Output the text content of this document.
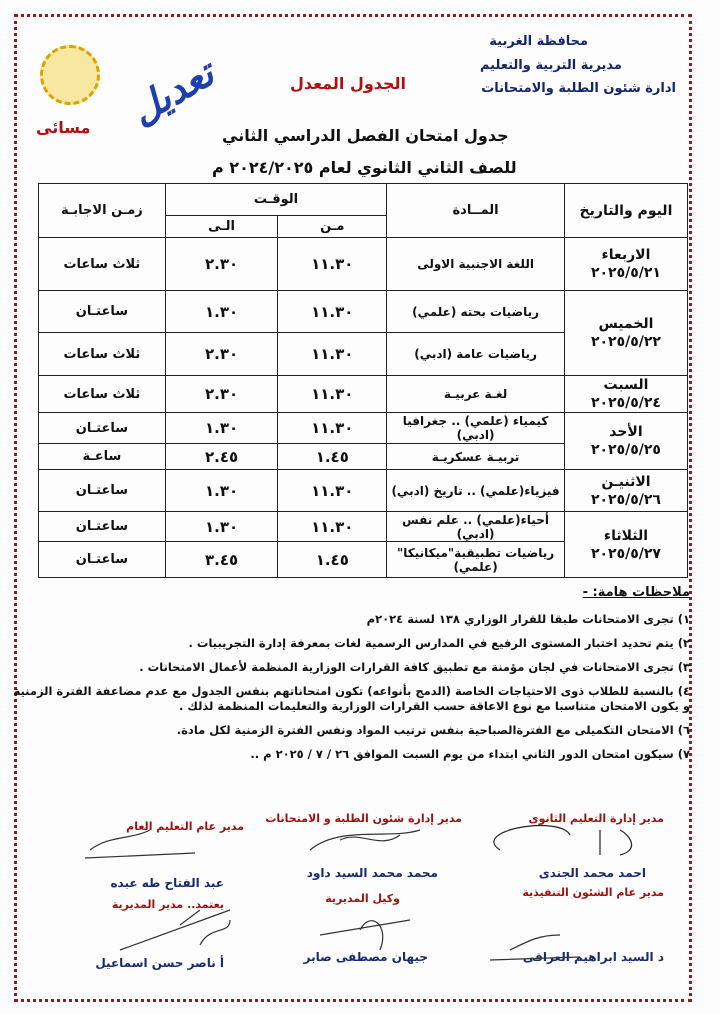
مسائى
محافظة الغربية
مديرية التربية والتعليم
ادارة شئون الطلبة والامتحانات
الجدول المعدل
تعديل
جدول امتحان الفصل الدراسي الثاني
للصف الثاني الثانوي لعام ٢٠٢٤/٢٠٢٥ م
اليوم والتاريخ	المــادة	الوقـت		زمـن الاجابـة
		مـن	الـى	

الاربعاء
٢٠٢٥/٥/٢١	اللغة الاجنبية الاولى	١١.٣٠	٢.٣٠	ثلاث ساعات

الخميس
٢٠٢٥/٥/٢٢	رياضيات بحته (علمي)	١١.٣٠	١.٣٠	ساعتـان
	رياضيات عامة (ادبي)	١١.٣٠	٢.٣٠	ثلاث ساعات

السبت
٢٠٢٥/٥/٢٤	لغـة عربيـة	١١.٣٠	٢.٣٠	ثلاث ساعات

الأحد
٢٠٢٥/٥/٢٥	كيمياء (علمي) .. جغرافيا (ادبي)	١١.٣٠	١.٣٠	ساعتـان
	تربيـة عسكريـة	١.٤٥	٢.٤٥	ساعـة

الاثنيـن
٢٠٢٥/٥/٢٦	فيزياء(علمي) .. تاريخ (ادبي)	١١.٣٠	١.٣٠	ساعتـان

الثلاثاء
٢٠٢٥/٥/٢٧	أحياء(علمي) .. علم نفس (ادبي)	١١.٣٠	١.٣٠	ساعتـان
	رياضيات تطبيقية"ميكانيكا"(علمي)	١.٤٥	٣.٤٥	ساعتـان
ملاحظات هامة: -
١) تجرى الامتحانات طبقا للقرار الوزاري ١٣٨ لسنة ٢٠٢٤م
٢) يتم تحديد اختبار المستوى الرفيع في المدارس الرسمية لغات بمعرفة إدارة التجريبيات .
٣) تجرى الامتحانات في لجان مؤمنة مع تطبيق كافة القرارات الوزارية المنظمة لأعمال الامتحانات .
٤) بالنسبة للطلاب ذوى الاحتياجات الخاصة (الدمج بأنواعه) تكون امتحاناتهم بنفس الجدول مع عدم مضاعفة الفترة الزمنية و يكون الامتحان متناسبا مع نوع الاعاقة حسب القرارات الوزارية والتعليمات المنظمة لذلك .
٦) الامتحان التكميلى مع الفترةالصباحية بنفس ترتيب المواد ونفس الفترة الزمنية لكل مادة.
٧) سيكون امتحان الدور الثاني ابتداء من يوم السبت الموافق ٢٦ / ٧ / ٢٠٢٥ م ..
مدير إدارة التعليم الثانوى
احمد محمد الجندى
مدير إدارة شئون الطلبة و الامتحانات
محمد محمد السيد داود
مدير عام التعليم العام
عبد الفتاح طه عبده
مدير عام الشئون التنفيذية
د السيد ابراهيم العراقى
وكيل المديرية
جيهان مصطفى صابر
يعتمد.. مدير المديرية
أ ناصر حسن اسماعيل
